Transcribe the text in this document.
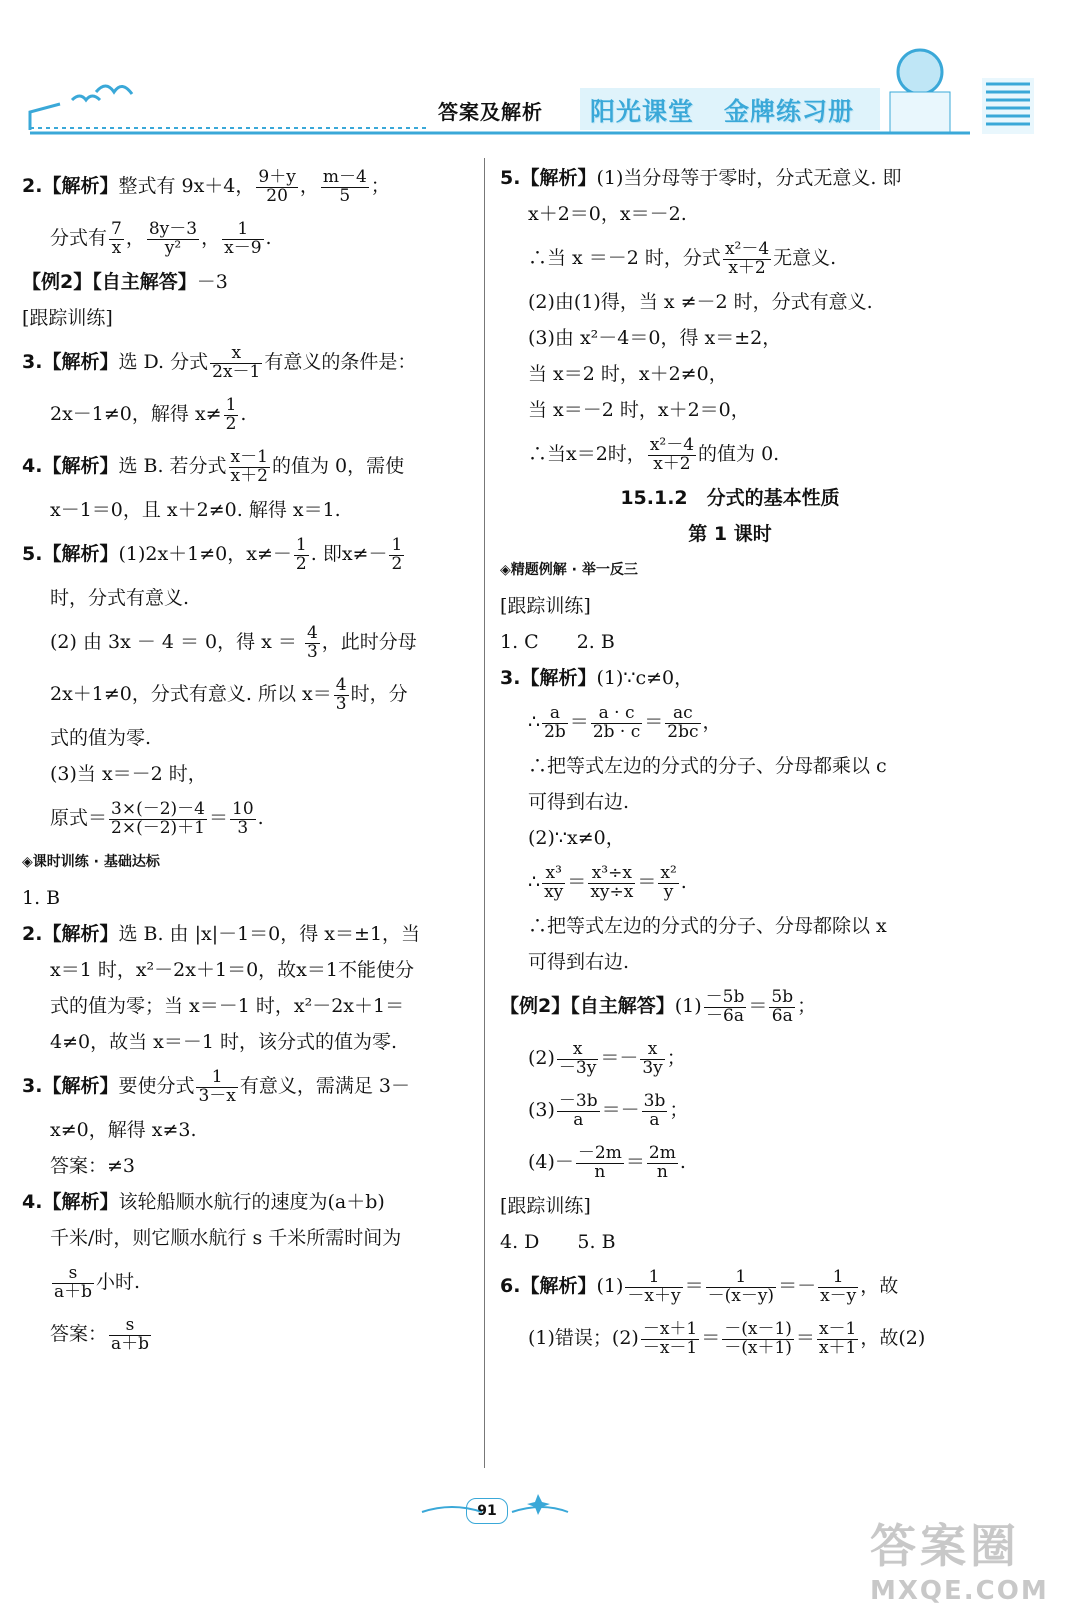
答案及解析 阳光课堂 金牌练习册
2.【解析】整式有 9x＋4， $\frac{9+y}{20}$ ， $\frac{m-4}{5}$ ；
分式有 $\frac{7}{x}$ ， $\frac{8y-3}{\text{y²}}$ ， $\frac{1}{x-9}$ .
【例2】【自主解答】－3
[跟踪训练]
3.【解析】选 D. 分式 $\frac{x}{2x-1}$ 有意义的条件是：
2x－1≠0，解得 $x\ne \frac{1}{2}$ .
4.【解析】选 B. 若分式 $\frac{x-1}{x+2}$ 的值为 0，需使
x－1＝0，且 x＋2≠0. 解得 x＝1.
5.【解析】(1)2x＋1≠0，$x\ne- \frac{1}{2}$ . 即$x\ne- \frac{1}{2}$
时，分式有意义.
(2) 由 3x － 4 ＝ 0，得 $x = \frac{4}{3}$ ，此时分母
2x＋1≠0，分式有意义. 所以 $x= \frac{4}{3}$ 时，分
式的值为零.
(3)当 x＝－2 时，
原式＝ $\frac{3\times(-2)-4}{2\times(-2)+1} = \frac{10}{3}$ .
◈课时训练 · 基础达标
1. B
2.【解析】选 B. 由 |x|－1＝0，得 x＝±1，当
x＝1 时，x²－2x＋1＝0，故x＝1不能使分
式的值为零；当 x＝－1 时，x²－2x＋1＝
4≠0，故当 x＝－1 时，该分式的值为零.
3.【解析】要使分式 $\frac{1}{3-x}$ 有意义，需满足 3－
x≠0，解得 x≠3.
答案：≠3
4.【解析】该轮船顺水航行的速度为(a＋b)
千米/时，则它顺水航行 s 千米所需时间为
$\frac{s}{a+b}$ 小时.
答案： $\frac{s}{a+b}$
5.【解析】(1)当分母等于零时，分式无意义. 即
x＋2＝0，x＝－2.
∴当 x ＝－2 时，分式 $\frac{\text{x²－4}}{x+2}$ 无意义.
(2)由(1)得，当 x ≠－2 时，分式有意义.
(3)由 x²－4＝0，得 x＝±2，
当 x＝2 时，x＋2≠0，
当 x＝－2 时，x＋2＝0，
∴当x＝2时， $\frac{\text{x²－4}}{x+2}$ 的值为 0.
15.1.2　分式的基本性质
第 1 课时
◈精题例解 · 举一反三
[跟踪训练]
1. C　　2. B
3.【解析】(1)∵c≠0，
∴ $\frac{a}{2b} = \frac{a \cdot c}{2b \cdot c} = \frac{ac}{2bc}$ ，
∴把等式左边的分式的分子、分母都乘以 c
可得到右边.
(2)∵x≠0，
∴ $\frac{\text{x³}}{xy} = \frac{\text{x³÷x}}{xy\div x} = \frac{\text{x²}}{y}$ .
∴把等式左边的分式的分子、分母都除以 x
可得到右边.
【例2】【自主解答】$(1) \frac{-5b}{-6a} = \frac{5b}{6a}$ ；
$(2) \frac{x}{-3y} =- \frac{x}{3y}$ ；
$(3) \frac{-3b}{a} =- \frac{3b}{a}$ ；
$(4)- \frac{-2m}{n} = \frac{2m}{n}$ .
[跟踪训练]
4. D　　5. B
6.【解析】$(1) \frac{1}{-x+y} = \frac{1}{-(x-y)} =- \frac{1}{x-y}$ ，故
(1)错误；$(2) \frac{-x+1}{-x-1} = \frac{-(x-1)}{-(x+1)} = \frac{x-1}{x+1}$ ，故(2)
91
答案圈
MXQE.COM
